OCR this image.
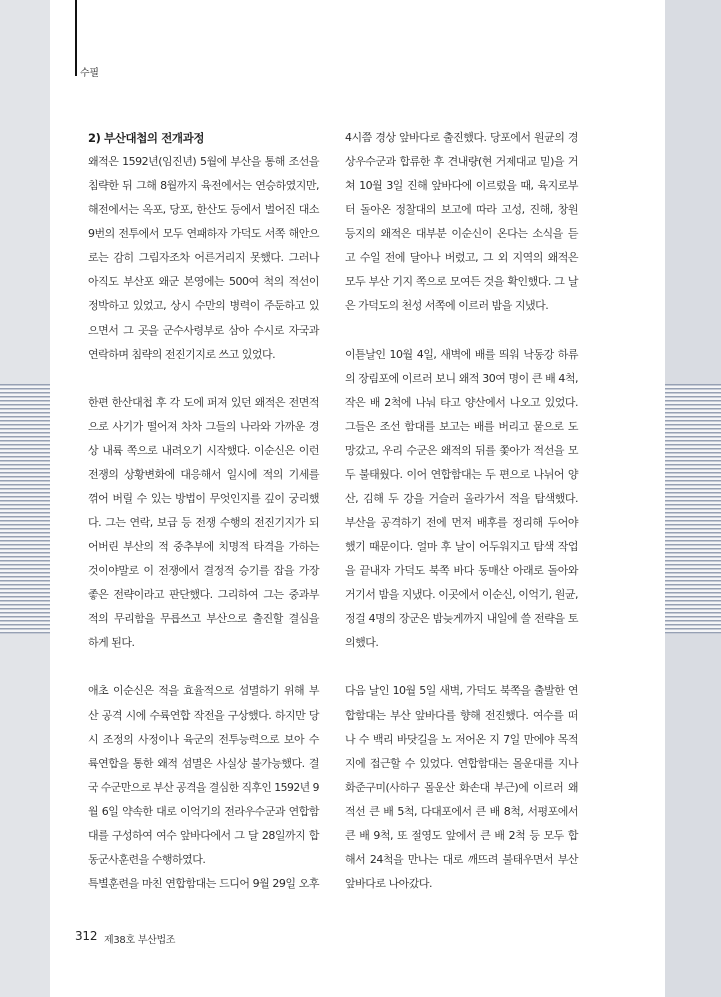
수필
2) 부산대첩의 전개과정
왜적은 1592년(임진년) 5월에 부산을 통해 조선을
침략한 뒤 그해 8월까지 육전에서는 연승하였지만,
해전에서는 옥포, 당포, 한산도 등에서 벌어진 대소
9번의 전투에서 모두 연패하자 가덕도 서쪽 해안으
로는 감히 그림자조차 어른거리지 못했다. 그러나
아직도 부산포 왜군 본영에는 500여 척의 적선이
정박하고 있었고, 상시 수만의 병력이 주둔하고 있
으면서 그 곳을 군수사령부로 삼아 수시로 자국과
연락하며 침략의 전진기지로 쓰고 있었다.
한편 한산대첩 후 각 도에 퍼져 있던 왜적은 전면적
으로 사기가 떨어져 차차 그들의 나라와 가까운 경
상 내륙 쪽으로 내려오기 시작했다. 이순신은 이런
전쟁의 상황변화에 대응해서 일시에 적의 기세를
꺾어 버릴 수 있는 방법이 무엇인지를 깊이 궁리했
다. 그는 연락, 보급 등 전쟁 수행의 전진기지가 되
어버린 부산의 적 중추부에 치명적 타격을 가하는
것이야말로 이 전쟁에서 결정적 승기를 잡을 가장
좋은 전략이라고 판단했다. 그리하여 그는 중과부
적의 무리함을 무릅쓰고 부산으로 출진할 결심을
하게 된다.
애초 이순신은 적을 효율적으로 섬멸하기 위해 부
산 공격 시에 수륙연합 작전을 구상했다. 하지만 당
시 조정의 사정이나 육군의 전투능력으로 보아 수
륙연합을 통한 왜적 섬멸은 사실상 불가능했다. 결
국 수군만으로 부산 공격을 결심한 직후인 1592년 9
월 6일 약속한 대로 이억기의 전라우수군과 연합함
대를 구성하여 여수 앞바다에서 그 달 28일까지 합
동군사훈련을 수행하였다.
특별훈련을 마친 연합함대는 드디어 9월 29일 오후
4시쯤 경상 앞바다로 출진했다. 당포에서 원균의 경
상우수군과 합류한 후 견내량(현 거제대교 밑)을 거
쳐 10월 3일 진해 앞바다에 이르렀을 때, 육지로부
터 돌아온 정찰대의 보고에 따라 고성, 진해, 창원
등지의 왜적은 대부분 이순신이 온다는 소식을 듣
고 수일 전에 달아나 버렸고, 그 외 지역의 왜적은
모두 부산 기지 쪽으로 모여든 것을 확인했다. 그 날
은 가덕도의 천성 서쪽에 이르러 밤을 지냈다.
이튿날인 10월 4일, 새벽에 배를 띄워 낙동강 하류
의 장림포에 이르러 보니 왜적 30여 명이 큰 배 4척,
작은 배 2척에 나눠 타고 양산에서 나오고 있었다.
그들은 조선 함대를 보고는 배를 버리고 뭍으로 도
망갔고, 우리 수군은 왜적의 뒤를 쫓아가 적선을 모
두 불태웠다. 이어 연합함대는 두 편으로 나뉘어 양
산, 김해 두 강을 거슬러 올라가서 적을 탐색했다.
부산을 공격하기 전에 먼저 배후를 정리해 두어야
했기 때문이다. 얼마 후 날이 어두워지고 탐색 작업
을 끝내자 가덕도 북쪽 바다 동매산 아래로 돌아와
거기서 밤을 지냈다. 이곳에서 이순신, 이억기, 원균,
정걸 4명의 장군은 밤늦게까지 내일에 쓸 전략을 토
의했다.
다음 날인 10월 5일 새벽, 가덕도 북쪽을 출발한 연
합함대는 부산 앞바다를 향해 전진했다. 여수를 떠
나 수 백리 바닷길을 노 저어온 지 7일 만에야 목적
지에 접근할 수 있었다. 연합함대는 몰운대를 지나
화준구미(사하구 몰운산 화손대 부근)에 이르러 왜
적선 큰 배 5척, 다대포에서 큰 배 8척, 서평포에서
큰 배 9척, 또 절영도 앞에서 큰 배 2척 등 모두 합
해서 24척을 만나는 대로 깨뜨려 불태우면서 부산
앞바다로 나아갔다.
312 제38호 부산법조
